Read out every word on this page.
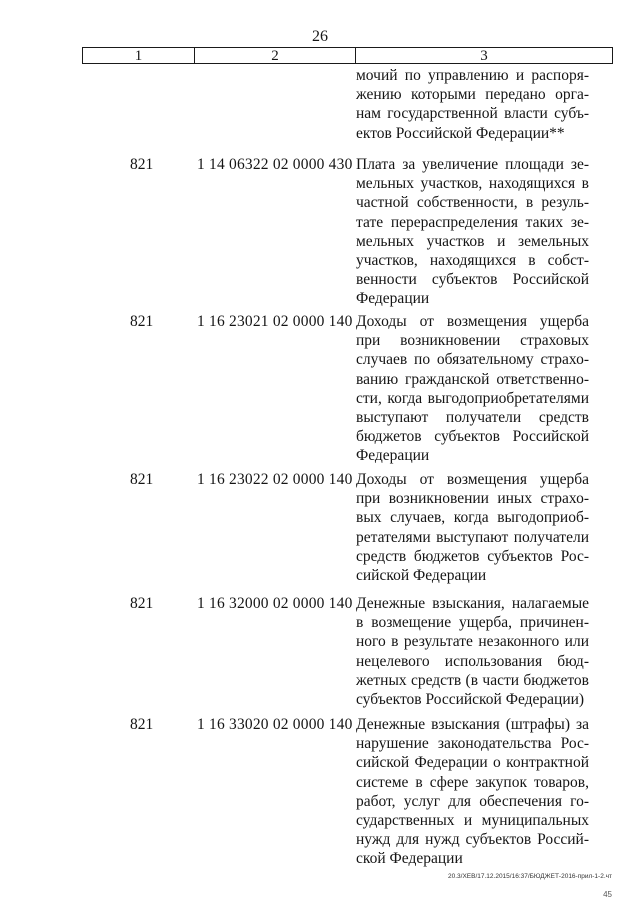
26
1	2	3
мочий по управлению и распоря-
жению которыми передано орга-
нам государственной власти субъ-
ектов Российской Федерации**
821	1 14 06322 02 0000 430 Плата за увеличение площади зе-
мельных участков, находящихся в
частной собственности, в резуль-
тате перераспределения таких зе-
мельных участков и земельных
участков, находящихся в собст-
венности субъектов Российской
Федерации
821	1 16 23021 02 0000 140 Доходы от возмещения ущерба
при возникновении страховых
случаев по обязательному страхо-
ванию гражданской ответственно-
сти, когда выгодоприобретателями
выступают получатели средств
бюджетов субъектов Российской
Федерации
821	1 16 23022 02 0000 140 Доходы от возмещения ущерба
при возникновении иных страхо-
вых случаев, когда выгодоприоб-
ретателями выступают получатели
средств бюджетов субъектов Рос-
сийской Федерации
821	1 16 32000 02 0000 140 Денежные взыскания, налагаемые
в возмещение ущерба, причинен-
ного в результате незаконного или
нецелевого использования бюд-
жетных средств (в части бюджетов
субъектов Российской Федерации)
821	1 16 33020 02 0000 140 Денежные взыскания (штрафы) за
нарушение законодательства Рос-
сийской Федерации о контрактной
системе в сфере закупок товаров,
работ, услуг для обеспечения го-
сударственных и муниципальных
нужд для нужд субъектов Россий-
ской Федерации
20.3/ХЕВ/17.12.2015/16:37/БЮДЖЕТ-2016-прил-1-2.чт
45
